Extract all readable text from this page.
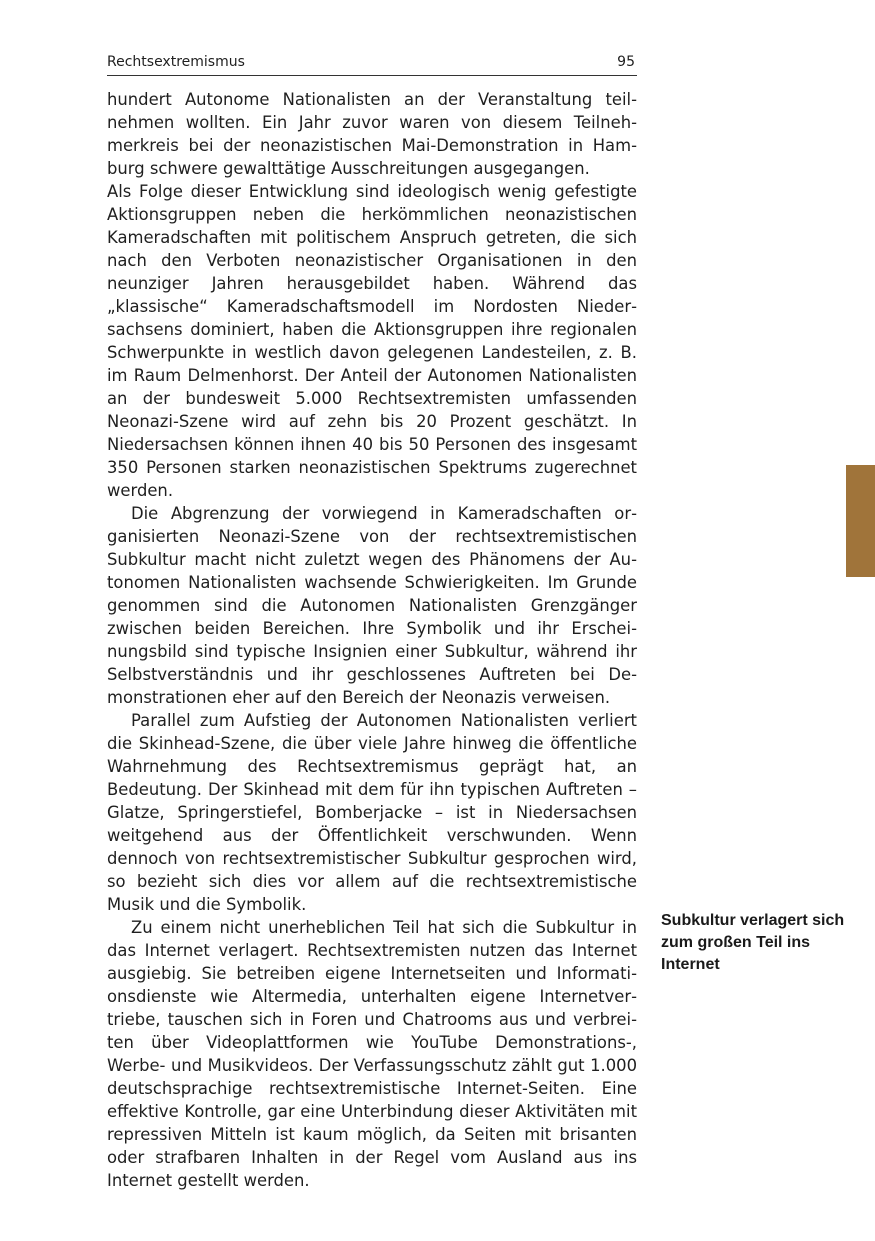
Rechtsextremismus	95

hundert Autonome Nationalisten an der Veranstaltung teilnehmen wollten. Ein Jahr zuvor waren von diesem Teilnehmerkreis bei der neonazistischen Mai-Demonstration in Hamburg schwere gewalttätige Ausschreitungen ausgegangen.

Als Folge dieser Entwicklung sind ideologisch wenig gefestigte Aktionsgruppen neben die herkömmlichen neonazistischen Kameradschaften mit politischem Anspruch getreten, die sich nach den Verboten neonazistischer Organisationen in den neunziger Jahren herausgebildet haben. Während das „klassische“ Kameradschaftsmodell im Nordosten Niedersachsens dominiert, haben die Aktionsgruppen ihre regionalen Schwerpunkte in westlich davon gelegenen Landesteilen, z. B. im Raum Delmenhorst. Der Anteil der Autonomen Nationalisten an der bundesweit 5.000 Rechtsextremisten umfassenden Neonazi-Szene wird auf zehn bis 20 Prozent geschätzt. In Niedersachsen können ihnen 40 bis 50 Personen des insgesamt 350 Personen starken neonazistischen Spektrums zugerechnet werden.

Die Abgrenzung der vorwiegend in Kameradschaften organisierten Neonazi-Szene von der rechtsextremistischen Subkultur macht nicht zuletzt wegen des Phänomens der Autonomen Nationalisten wachsende Schwierigkeiten. Im Grunde genommen sind die Autonomen Nationalisten Grenzgänger zwischen beiden Bereichen. Ihre Symbolik und ihr Erscheinungsbild sind typische Insignien einer Subkultur, während ihr Selbstverständnis und ihr geschlossenes Auftreten bei Demonstrationen eher auf den Bereich der Neonazis verweisen.

Parallel zum Aufstieg der Autonomen Nationalisten verliert die Skinhead-Szene, die über viele Jahre hinweg die öffentliche Wahrnehmung des Rechtsextremismus geprägt hat, an Bedeutung. Der Skinhead mit dem für ihn typischen Auftreten – Glatze, Springerstiefel, Bomberjacke – ist in Niedersachsen weitgehend aus der Öffentlichkeit verschwunden. Wenn dennoch von rechtsextremistischer Subkultur gesprochen wird, so bezieht sich dies vor allem auf die rechtsextremistische Musik und die Symbolik.

Zu einem nicht unerheblichen Teil hat sich die Subkultur in das Internet verlagert. Rechtsextremisten nutzen das Internet ausgiebig. Sie betreiben eigene Internetseiten und Informationsdienste wie Altermedia, unterhalten eigene Internetvertriebe, tauschen sich in Foren und Chatrooms aus und verbreiten über Videoplattformen wie YouTube Demonstrations-, Werbe- und Musikvideos. Der Verfassungsschutz zählt gut 1.000 deutschsprachige rechtsextremistische Internet-Seiten. Eine effektive Kontrolle, gar eine Unterbindung dieser Aktivitäten mit repressiven Mitteln ist kaum möglich, da Seiten mit brisanten oder strafbaren Inhalten in der Regel vom Ausland aus ins Internet gestellt werden.

Subkultur verlagert sich zum großen Teil ins Internet
